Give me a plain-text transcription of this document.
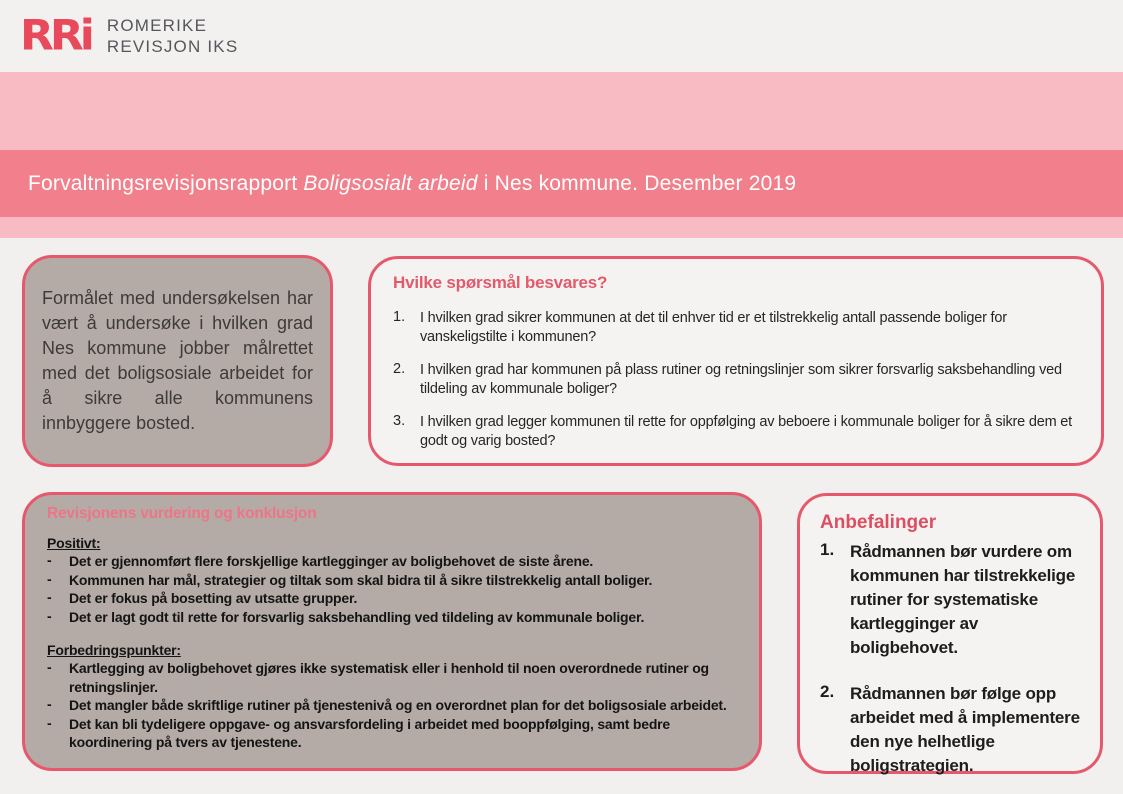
RRi ROMERIKE
REVISJON IKS
Forvaltningsrevisjonsrapport Boligsosialt arbeid i Nes kommune. Desember 2019
Formålet med undersøkelsen har vært å undersøke i hvilken grad Nes kommune jobber målrettet med det boligsosiale arbeidet for å sikre alle kommunens innbyggere bosted.
Hvilke spørsmål besvares?
1.	I hvilken grad sikrer kommunen at det til enhver tid er et tilstrekkelig antall passende boliger for vanskeligstilte i kommunen?
2.	I hvilken grad har kommunen på plass rutiner og retningslinjer som sikrer forsvarlig saksbehandling ved tildeling av kommunale boliger?
3.	I hvilken grad legger kommunen til rette for oppfølging av beboere i kommunale boliger for å sikre dem et godt og varig bosted?
Revisjonens vurdering og konklusjon
Positivt:
-	Det er gjennomført flere forskjellige kartlegginger av boligbehovet de siste årene.
-	Kommunen har mål, strategier og tiltak som skal bidra til å sikre tilstrekkelig antall boliger.
-	Det er fokus på bosetting av utsatte grupper.
-	Det er lagt godt til rette for forsvarlig saksbehandling ved tildeling av kommunale boliger.
Forbedringspunkter:
-	Kartlegging av boligbehovet gjøres ikke systematisk eller i henhold til noen overordnede rutiner og retningslinjer.
-	Det mangler både skriftlige rutiner på tjenestenivå og en overordnet plan for det boligsosiale arbeidet.
-	Det kan bli tydeligere oppgave- og ansvarsfordeling i arbeidet med booppfølging, samt bedre koordinering på tvers av tjenestene.
Anbefalinger
1. Rådmannen bør vurdere om kommunen har tilstrekkelige rutiner for systematiske kartlegginger av boligbehovet.
2. Rådmannen bør følge opp arbeidet med å implementere den nye helhetlige boligstrategien.
